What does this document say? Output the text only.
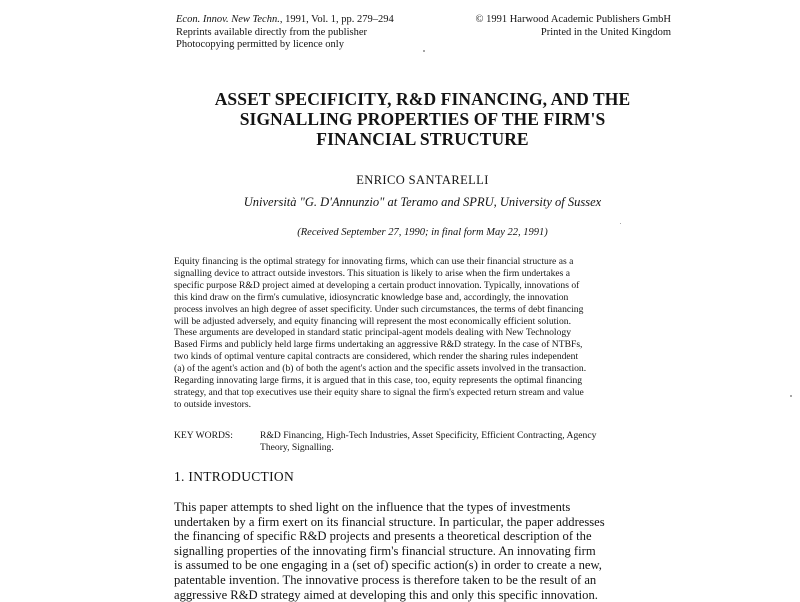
Econ. Innov. New Techn., 1991, Vol. 1, pp. 279–294
Reprints available directly from the publisher
Photocopying permitted by licence only
© 1991 Harwood Academic Publishers GmbH
Printed in the United Kingdom
ASSET SPECIFICITY, R&D FINANCING, AND THE
SIGNALLING PROPERTIES OF THE FIRM'S
FINANCIAL STRUCTURE
ENRICO SANTARELLI
Università "G. D'Annunzio" at Teramo and SPRU, University of Sussex
(Received September 27, 1990; in final form May 22, 1991)
Equity financing is the optimal strategy for innovating firms, which can use their financial structure as a
signalling device to attract outside investors. This situation is likely to arise when the firm undertakes a
specific purpose R&D project aimed at developing a certain product innovation. Typically, innovations of
this kind draw on the firm's cumulative, idiosyncratic knowledge base and, accordingly, the innovation
process involves an high degree of asset specificity. Under such circumstances, the terms of debt financing
will be adjusted adversely, and equity financing will represent the most economically efficient solution.
These arguments are developed in standard static principal-agent models dealing with New Technology
Based Firms and publicly held large firms undertaking an aggressive R&D strategy. In the case of NTBFs,
two kinds of optimal venture capital contracts are considered, which render the sharing rules independent
(a) of the agent's action and (b) of both the agent's action and the specific assets involved in the transaction.
Regarding innovating large firms, it is argued that in this case, too, equity represents the optimal financing
strategy, and that top executives use their equity share to signal the firm's expected return stream and value
to outside investors.
KEY WORDS:	R&D Financing, High-Tech Industries, Asset Specificity, Efficient Contracting, Agency
Theory, Signalling.
1. INTRODUCTION
This paper attempts to shed light on the influence that the types of investments
undertaken by a firm exert on its financial structure. In particular, the paper addresses
the financing of specific R&D projects and presents a theoretical description of the
signalling properties of the innovating firm's financial structure. An innovating firm
is assumed to be one engaging in a (set of) specific action(s) in order to create a new,
patentable invention. The innovative process is therefore taken to be the result of an
aggressive R&D strategy aimed at developing this and only this specific innovation.
